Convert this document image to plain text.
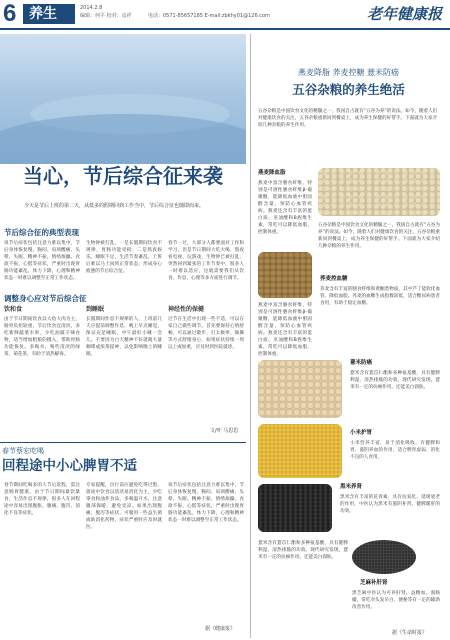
6 养生	2014.2.8
编辑：何平 校对：彦祥	电话：0571-85657185 E-mail:zbkhy01@126.com	老年健康报
当心，节后综合征来袭
今天是节后上班的第二天，从低多的假期回到工作当中，节后综合征也随即而来。
节后综合征的典型表现
说节后症状包括注意力难以集中，节后身体恢复慢、胸闷、肩颈酸痛、头晕、失眠、精神不振、情绪烦躁、食欲不振、心慌等症状，严重时出现胃肠功能紊乱，体力下降，心理和精神状态一时难以调整至正常工作状态。
生物钟被打乱，一是长假期间饮食不规律，胃肠功能受损；二是熬夜娱乐，睡眠不足，生活节奏紊乱，上班后难以马上回到正常状态，形成身心疲惫的节后综合征。
春节一过，大部分人都要面对工作和学习，但是节日期间大吃大喝、熬夜看电视、玩游戏，生物钟已被打乱，突然回到紧张的工作节奏中，很多人一时难以适应，这就需要我们从饮食、作息、心理等多方面进行调节。
调整身心应对节后综合征
饮和食
由于节日期间饮食以大鱼大肉为主，肠胃负担较重，节后饮食宜清淡，多吃新鲜蔬菜水果，少吃油腻辛辣食物，适当增加粗粮的摄入，帮助胃肠功能恢复。多喝水，喝些清淡的绿茶、菊花茶，有助于清热解毒。
到睡眠
长假期间作息不规律的人，上班前几天应提前调整作息，晚上早点睡觉，保证充足睡眠，中午最好小睡一会儿。不要因为白天精神不好就喝大量咖啡或浓茶提神，以免影响晚上的睡眠。
神经性的保健
过节在生活中出现一些不适，可以在家自己做些调节。首先要保持心情舒畅，可以通过散步、打太极拳、做操等方式舒缓身心，如果症状持续一周以上或加重，应及时到医院就诊。
文/叶 马思思
春节蔡宏吃喝
回程途中小心脾胃不适
春节期间吃喝多的人节后返程，需注意肠胃健康。由于节日期间暴饮暴食，生活作息不规律，很多人在回程途中容易出现腹胀、腹痛、腹泻、消化不良等症状。
专家提醒，出行前应避免吃得过饱，旅途中饮食以清淡易消化为主，少吃零食和油炸食品，多喝温开水，注意腹部保暖，避免受凉。如果出现腹痛、腹泻等症状，可服用一些益生菌或助消化药物，症状严重时应及时就医。
说节后症状包括注意力难以集中，节后身体恢复慢、胸闷、肩颈酸痛、头晕、失眠、精神不振、情绪烦躁、食欲不振、心慌等症状，严重时出现胃肠功能紊乱，体力下降，心理和精神状态一时难以调整至正常工作状态。
据《健康报》
燕麦降脂 荞麦控糖 薏米防癌
五谷杂粮的养生绝活
五谷杂粮是中国饮食文化的精髓之一，我国自古就有“五谷为养”的说法。如今，随着人们对健康饮食的关注，五谷杂粮重新回到餐桌上，成为养生保健的好帮手。下面就为大家介绍几种杂粮的养生作用。
燕麦降血脂
燕麦中富含膳食纤维，特别是可溶性膳食纤维β-葡聚糖，能降低血液中胆固醇含量，预防心血管疾病。燕麦还含有丰富的蛋白质、亚油酸和B族维生素，常吃可以降低血脂、控制体重。
五谷杂粮是中国饮食文化的精髓之一，我国自古就有“五谷为养”的说法。如今，随着人们对健康饮食的关注，五谷杂粮重新回到餐桌上，成为养生保健的好帮手。下面就为大家介绍几种杂粮的养生作用。
荞麦控血糖
荞麦含有丰富的膳食纤维和黄酮类物质，其中芦丁能软化血管、降低血脂。荞麦的血糖生成指数较低，适合糖尿病患者食用，有助于稳定血糖。
燕麦中富含膳食纤维，特别是可溶性膳食纤维β-葡聚糖，能降低血液中胆固醇含量，预防心血管疾病。燕麦还含有丰富的蛋白质、亚油酸和B族维生素，常吃可以降低血脂、控制体重。
薏米防癌
薏米含有薏苡仁酯和多种氨基酸，具有健脾利湿、清热排脓的功效。现代研究发现，薏米有一定的抗癌作用，还能美白润肤。
小米护胃
小米营养丰富，易于消化吸收，有健脾和胃、滋阴养血的作用，适合脾胃虚弱、消化不良的人食用。
黑米养肾
黑米含有丰富的花青素，具有抗氧化、延缓衰老的作用，中医认为黑米有滋阴补肾、健脾暖肝的功效。
薏米含有薏苡仁酯和多种氨基酸，具有健脾利湿、清热排脓的功效。现代研究发现，薏米有一定的抗癌作用，还能美白润肤。
芝麻补肝肾
黑芝麻中医认为可补肝肾、益精血、润肠燥，常吃对头发早白、便秘等有一定的辅助改善作用。
据《生命时报》
